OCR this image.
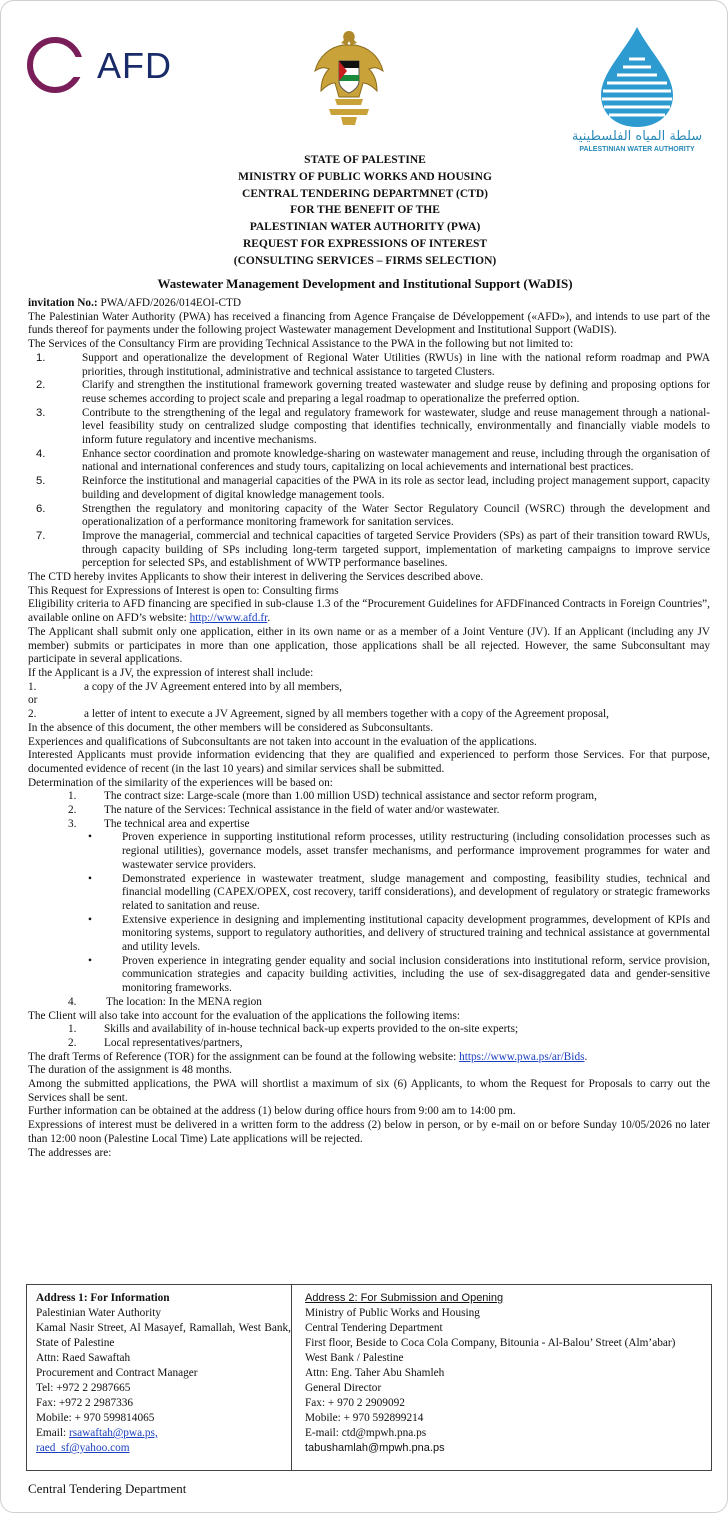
AFD
سلطة المياه الفلسطينية
PALESTINIAN WATER AUTHORITY
STATE OF PALESTINE
MINISTRY OF PUBLIC WORKS AND HOUSING
CENTRAL TENDERING DEPARTMNET (CTD)
FOR THE BENEFIT OF THE
PALESTINIAN WATER AUTHORITY (PWA)
REQUEST FOR EXPRESSIONS OF INTEREST
(CONSULTING SERVICES – FIRMS SELECTION)
Wastewater Management Development and Institutional Support (WaDIS)

invitation No.: PWA/AFD/2026/014EOI-CTD

The Palestinian Water Authority (PWA) has received a financing from Agence Française de Développement («AFD»), and intends to use part of the funds thereof for payments under the following project Wastewater management Development and Institutional Support (WaDIS).

The Services of the Consultancy Firm are providing Technical Assistance to the PWA in the following but not limited to:

1.	Support and operationalize the development of Regional Water Utilities (RWUs) in line with the national reform roadmap and PWA priorities, through institutional, administrative and technical assistance to targeted Clusters.
2.	Clarify and strengthen the institutional framework governing treated wastewater and sludge reuse by defining and proposing options for reuse schemes according to project scale and preparing a legal roadmap to operationalize the preferred option.
3.	Contribute to the strengthening of the legal and regulatory framework for wastewater, sludge and reuse management through a national-level feasibility study on centralized sludge composting that identifies technically, environmentally and financially viable models to inform future regulatory and incentive mechanisms.
4.	Enhance sector coordination and promote knowledge-sharing on wastewater management and reuse, including through the organisation of national and international conferences and study tours, capitalizing on local achievements and international best practices.
5.	Reinforce the institutional and managerial capacities of the PWA in its role as sector lead, including project management support, capacity building and development of digital knowledge management tools.
6.	Strengthen the regulatory and monitoring capacity of the Water Sector Regulatory Council (WSRC) through the development and operationalization of a performance monitoring framework for sanitation services.
7.	Improve the managerial, commercial and technical capacities of targeted Service Providers (SPs) as part of their transition toward RWUs, through capacity building of SPs including long-term targeted support, implementation of marketing campaigns to improve service perception for selected SPs, and establishment of WWTP performance baselines.

The CTD hereby invites Applicants to show their interest in delivering the Services described above.

This Request for Expressions of Interest is open to: Consulting firms

Eligibility criteria to AFD financing are specified in sub-clause 1.3 of the “Procurement Guidelines for AFDFinanced Contracts in Foreign Countries”, available online on AFD’s website: http://www.afd.fr.

The Applicant shall submit only one application, either in its own name or as a member of a Joint Venture (JV). If an Applicant (including any JV member) submits or participates in more than one application, those applications shall be all rejected. However, the same Subconsultant may participate in several applications.

If the Applicant is a JV, the expression of interest shall include:

1.	a copy of the JV Agreement entered into by all members,

or

2.	a letter of intent to execute a JV Agreement, signed by all members together with a copy of the Agreement proposal,

In the absence of this document, the other members will be considered as Subconsultants.

Experiences and qualifications of Subconsultants are not taken into account in the evaluation of the applications.

Interested Applicants must provide information evidencing that they are qualified and experienced to perform those Services. For that purpose, documented evidence of recent (in the last 10 years) and similar services shall be submitted.

Determination of the similarity of the experiences will be based on:

1. The contract size: Large-scale (more than 1.00 million USD) technical assistance and sector reform program,

2. The nature of the Services: Technical assistance in the field of water and/or wastewater.

3. The technical area and expertise

•	Proven experience in supporting institutional reform processes, utility restructuring (including consolidation processes such as regional utilities), governance models, asset transfer mechanisms, and performance improvement programmes for water and wastewater service providers.

•	Demonstrated experience in wastewater treatment, sludge management and composting, feasibility studies, technical and financial modelling (CAPEX/OPEX, cost recovery, tariff considerations), and development of regulatory or strategic frameworks related to sanitation and reuse.

•	Extensive experience in designing and implementing institutional capacity development programmes, development of KPIs and monitoring systems, support to regulatory authorities, and delivery of structured training and technical assistance at governmental and utility levels.

•	Proven experience in integrating gender equality and social inclusion considerations into institutional reform, service provision, communication strategies and capacity building activities, including the use of sex-disaggregated data and gender-sensitive monitoring frameworks.

4.	The location: In the MENA region

The Client will also take into account for the evaluation of the applications the following items:

1. Skills and availability of in-house technical back-up experts provided to the on-site experts;

2. Local representatives/partners,

The draft Terms of Reference (TOR) for the assignment can be found at the following website: https://www.pwa.ps/ar/Bids.

The duration of the assignment is 48 months.

Among the submitted applications, the PWA will shortlist a maximum of six (6) Applicants, to whom the Request for Proposals to carry out the Services shall be sent.

Further information can be obtained at the address (1) below during office hours from 9:00 am to 14:00 pm.

Expressions of interest must be delivered in a written form to the address (2) below in person, or by e-mail on or before Sunday 10/05/2026 no later than 12:00 noon (Palestine Local Time) Late applications will be rejected.

The addresses are:

Address 1: For Information
Palestinian Water Authority
Kamal Nasir Street, Al Masayef, Ramallah, West Bank, State of Palestine
Attn: Raed Sawaftah
Procurement and Contract Manager
Tel: +972 2 2987665
Fax: +972 2 2987336
Mobile: + 970 599814065
Email: rsawaftah@pwa.ps,
raed_sf@yahoo.com
Address 2: For Submission and Opening
Ministry of Public Works and Housing
Central Tendering Department
First floor, Beside to Coca Cola Company, Bitounia - Al-Balou’ Street (Alm’abar)
West Bank / Palestine
Attn: Eng. Taher Abu Shamleh
General Director
Fax: + 970 2 2909092
Mobile: + 970 592899214
E-mail: ctd@mpwh.pna.ps
tabushamlah@mpwh.pna.ps
Central Tendering Department
